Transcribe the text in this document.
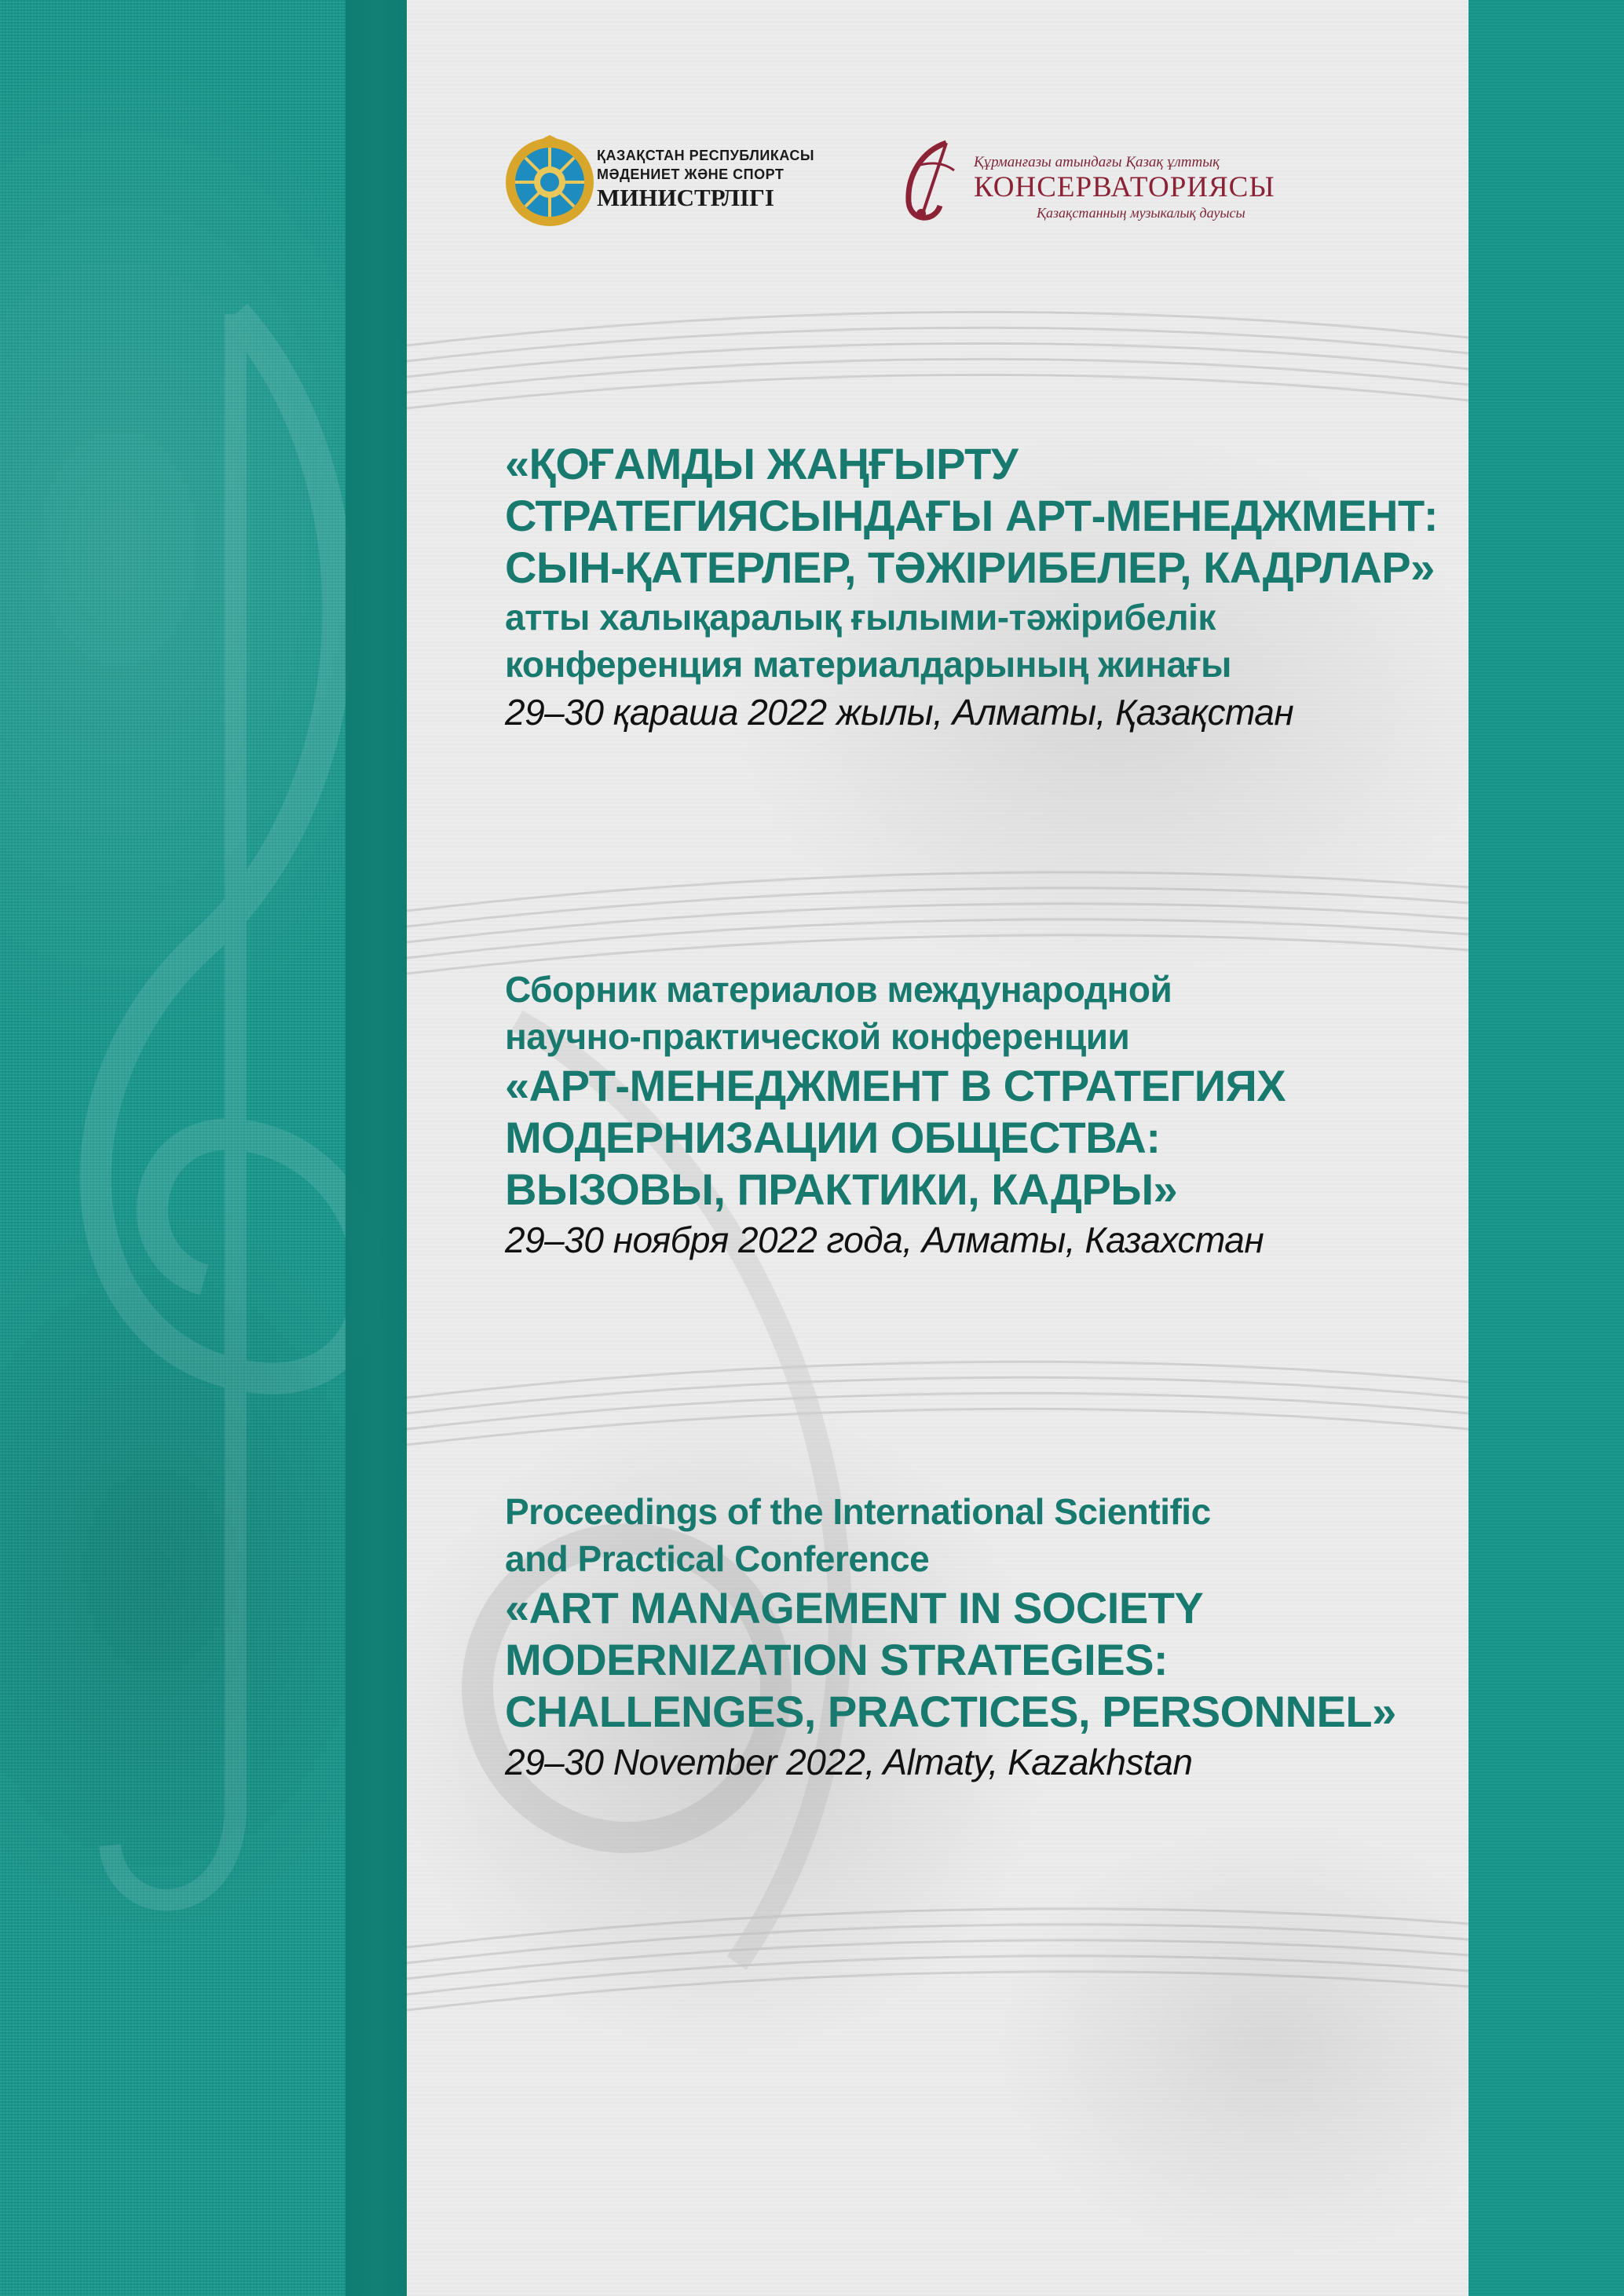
ҚАЗАҚСТАН РЕСПУБЛИКАСЫ
МӘДЕНИЕТ ЖӘНЕ СПОРТ
МИНИСТРЛІГІ
Құрманғазы атындағы Қазақ ұлттық
КОНСЕРВАТОРИЯСЫ
Қазақстанның музыкалық дауысы
«ҚОҒАМДЫ ЖАҢҒЫРТУ
СТРАТЕГИЯСЫНДАҒЫ АРТ-МЕНЕДЖМЕНТ:
СЫН-ҚАТЕРЛЕР, ТӘЖІРИБЕЛЕР, КАДРЛАР»
атты халықаралық ғылыми-тәжірибелік
конференция материалдарының жинағы
29–30 қараша 2022 жылы, Алматы, Қазақстан
Сборник материалов международной
научно-практической конференции
«АРТ-МЕНЕДЖМЕНТ В СТРАТЕГИЯХ
МОДЕРНИЗАЦИИ ОБЩЕСТВА:
ВЫЗОВЫ, ПРАКТИКИ, КАДРЫ»
29–30 ноября 2022 года, Алматы, Казахстан
Proceedings of the International Scientific
and Practical Conference
«ART MANAGEMENT IN SOCIETY
MODERNIZATION STRATEGIES:
CHALLENGES, PRACTICES, PERSONNEL»
29–30 November 2022, Almaty, Kazakhstan
